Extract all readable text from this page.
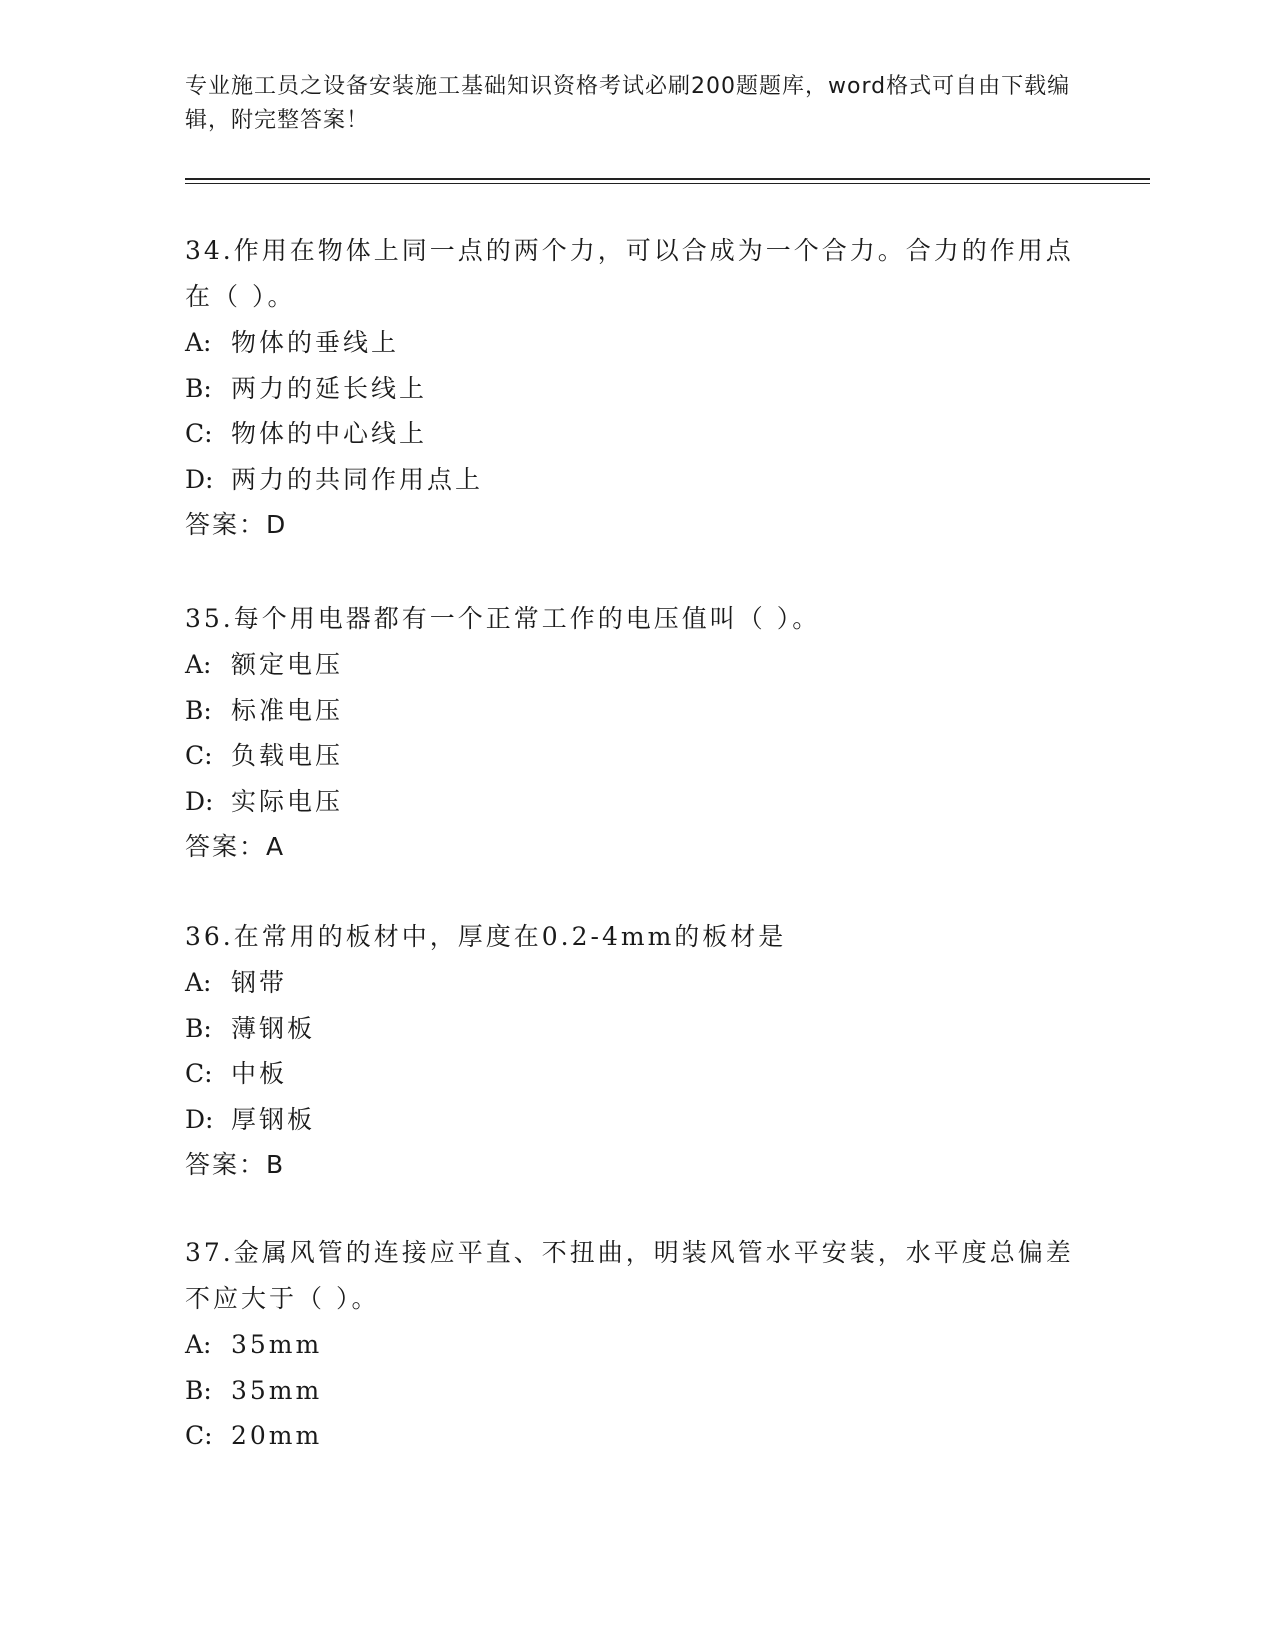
专业施工员之设备安装施工基础知识资格考试必刷200题题库，word格式可自由下载编辑，附完整答案！

34.作用在物体上同一点的两个力，可以合成为一个合力。合力的作用点在（ ）。

A: 物体的垂线上

B: 两力的延长线上

C: 物体的中心线上

D: 两力的共同作用点上

答案：D

35.每个用电器都有一个正常工作的电压值叫（ ）。

A: 额定电压

B: 标准电压

C: 负载电压

D: 实际电压

答案：A

36.在常用的板材中，厚度在0.2-4mm的板材是

A: 钢带

B: 薄钢板

C: 中板

D: 厚钢板

答案：B

37.金属风管的连接应平直、不扭曲，明装风管水平安装，水平度总偏差不应大于（ ）。

A: 35mm

B: 35mm

C: 20mm
